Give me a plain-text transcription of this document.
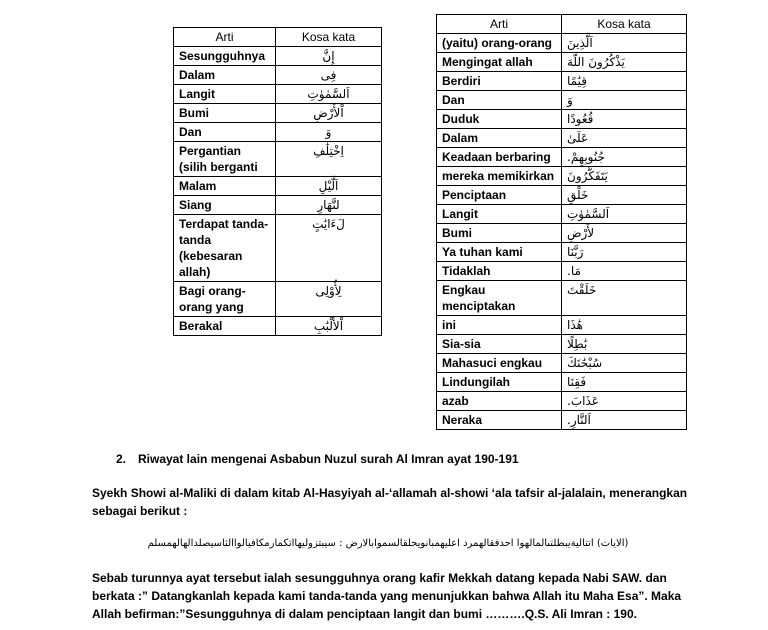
Arti	Kosa kata
Sesungguhnya	إِنَّ
Dalam	فِى
Langit	اَلسَّمٰوٰتِ
Bumi	اْلأَرْضِ
Dan	وَ
Pergantian (silih berganti	اِخْتِلَٰفِ
Malam	اَلَّيْلِ
Siang	لنَّهَارِ
Terdapat tanda-tanda (kebesaran allah)	لَءَايَٰتٍ
Bagi orang-orang yang	لِأُوْلِى
Berakal	اْلأَلْبَٰبِ
Arti	Kosa kata
(yaitu) orang-orang	اَلَّذِينَ
Mengingat allah	يَذْكُرُونَ اللَّهَ
Berdiri	قِيَٰمًا
Dan	وَ
Duduk	قُعُودًا
Dalam	عَلَىٰ
Keadaan berbaring	جُنُوبِهِمْ.
mereka memikirkan	يَتَفَكَّرُونَ
Penciptaan	خَلْقِ
Langit	اَلسَّمٰوٰتِ
Bumi	لأَرْضِ
Ya tuhan kami	رَبَّنَا
Tidaklah	مَا.
Engkau menciptakan	خَلَقْتَ
ini	هَٰذَا
Sia-sia	بَٰطِلًا
Mahasuci engkau	سُبْحَٰنَكَ
Lindungilah	فَقِنَا
azab	عَذَابَ.
Neraka	اَلنَّارِ.
2. Riwayat lain mengenai Asbabun Nuzul surah Al Imran ayat 190-191
Syekh Showi al-Maliki di dalam kitab Al-Hasyiyah al-‘allamah al-showi ‘ala tafsir al-jalalain, menerangkan sebagai berikut :
(الايات) اتتاليةيبطلتىالمالهوا احدفقالهمرد اعليهمبانويحلقالسموابالارض : سيبتزوليهااتكمارمكافيالواالثاسيصلدالهالهمسلم
Sebab turunnya ayat tersebut ialah sesungguhnya orang kafir Mekkah datang kepada Nabi SAW. dan berkata :” Datangkanlah kepada kami tanda-tanda yang menunjukkan bahwa Allah itu Maha Esa”. Maka Allah befirman:”Sesungguhnya di dalam penciptaan langit dan bumi ……….Q.S. Ali Imran : 190.
